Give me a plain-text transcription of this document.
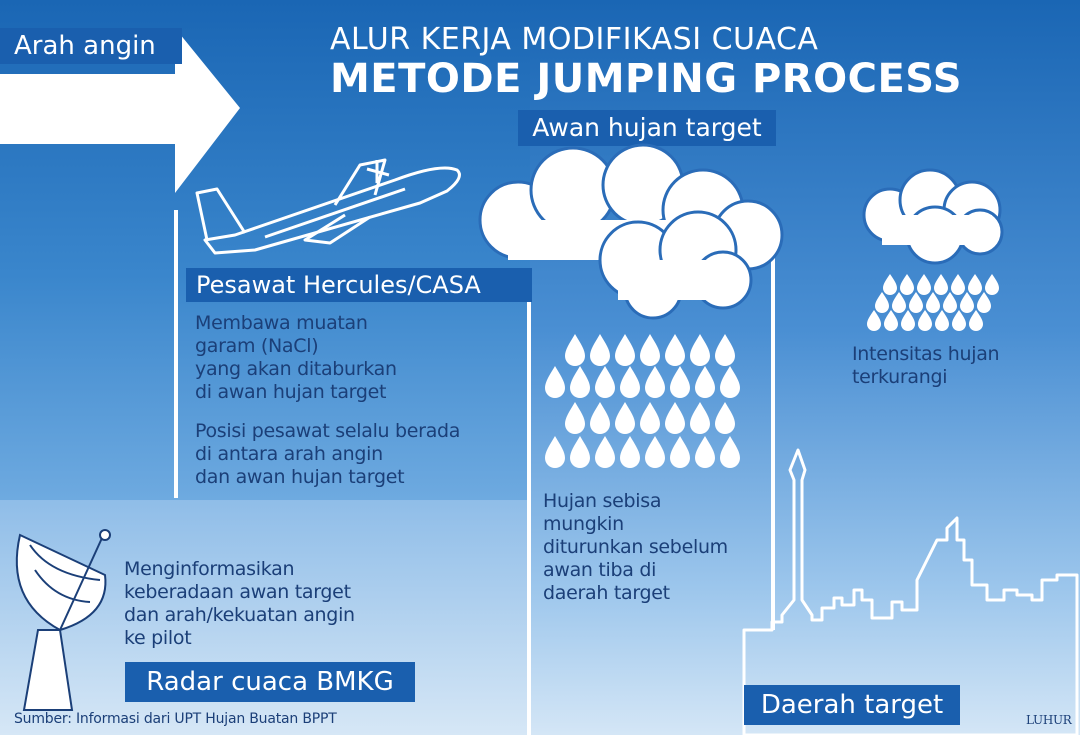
ALUR KERJA MODIFIKASI CUACA
METODE JUMPING PROCESS
Arah angin
Awan hujan target
Pesawat Hercules/CASA
Membawa muatan
garam (NaCl)
yang akan ditaburkan
di awan hujan target
Posisi pesawat selalu berada
di antara arah angin
dan awan hujan target
Hujan sebisa
mungkin
diturunkan sebelum
awan tiba di
daerah target
Intensitas hujan
terkurangi
Menginformasikan
keberadaan awan target
dan arah/kekuatan angin
ke pilot
Radar cuaca BMKG
Daerah target
Sumber: Informasi dari UPT Hujan Buatan BPPT	LUHUR
